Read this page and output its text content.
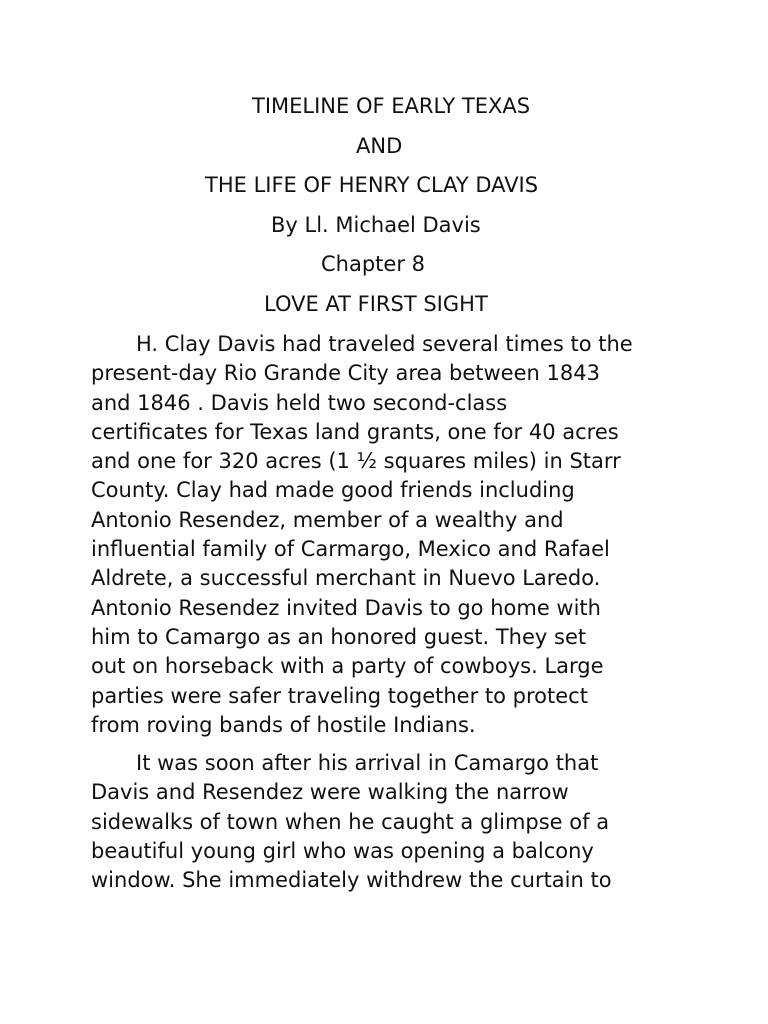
TIMELINE OF EARLY TEXAS
AND
THE LIFE OF HENRY CLAY DAVIS
By Ll. Michael Davis
Chapter 8
LOVE AT FIRST SIGHT
H. Clay Davis had traveled several times to the
present-day Rio Grande City area between 1843
and 1846 . Davis held two second-class
certificates for Texas land grants, one for 40 acres
and one for 320 acres (1 ½ squares miles) in Starr
County. Clay had made good friends including
Antonio Resendez, member of a wealthy and
influential family of Carmargo, Mexico and Rafael
Aldrete, a successful merchant in Nuevo Laredo.
Antonio Resendez invited Davis to go home with
him to Camargo as an honored guest. They set
out on horseback with a party of cowboys. Large
parties were safer traveling together to protect
from roving bands of hostile Indians.
It was soon after his arrival in Camargo that
Davis and Resendez were walking the narrow
sidewalks of town when he caught a glimpse of a
beautiful young girl who was opening a balcony
window. She immediately withdrew the curtain to
